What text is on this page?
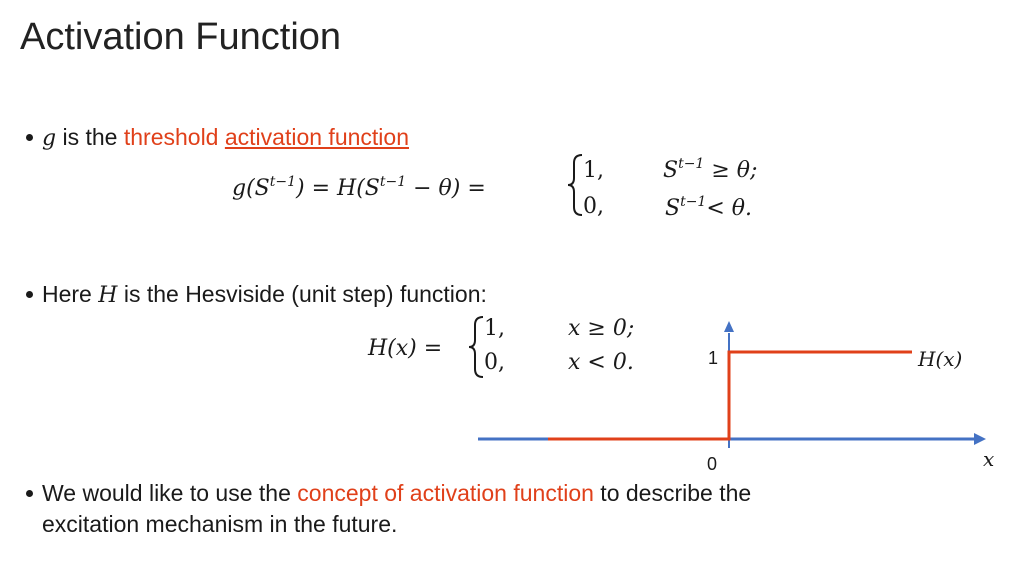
Activation Function
g is the threshold activation function
$g(S^{t-1}) = H(S^{t-1} - \theta)$ =
1,
0,
$S^{t-1} \ge \theta$;
$S^{t-1}< \theta$.
Here H is the Hesviside (unit step) function:
H(x) =
1,
0,
x ≥ 0;
x < 0.	1
0
H(x)
x
We would like to use the concept of activation function to describe the
excitation mechanism in the future.
